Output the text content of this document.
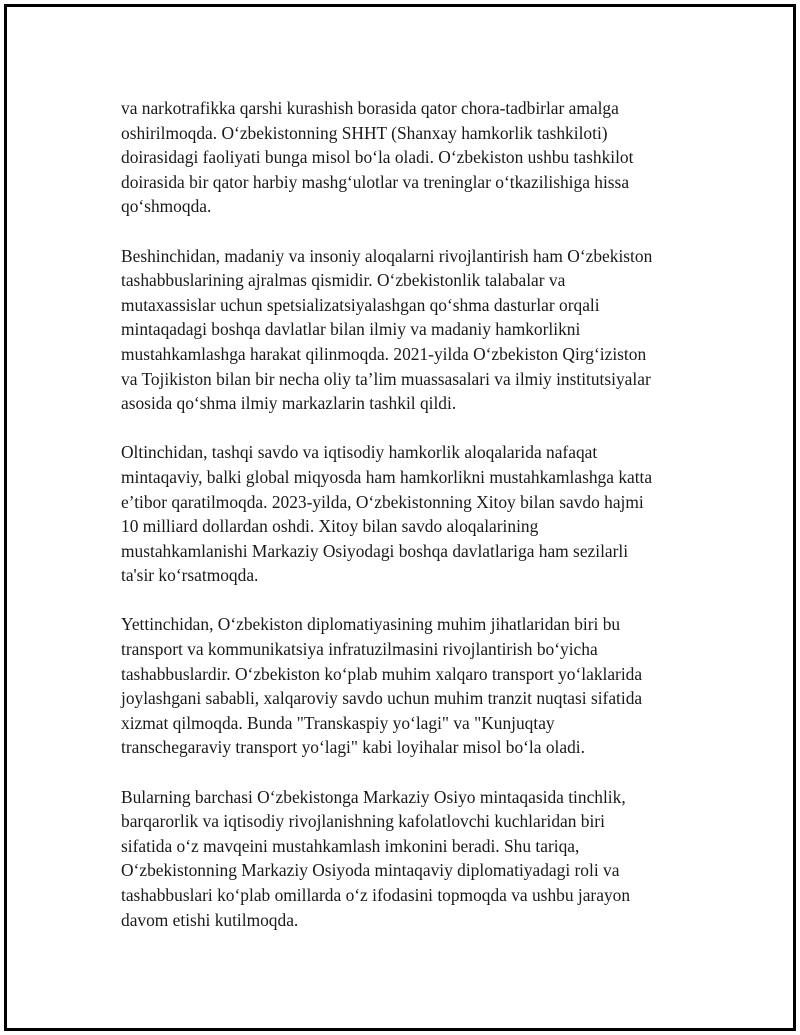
va narkotrafikka qarshi kurashish borasida qator chora-tadbirlar amalga
oshirilmoqda. O‘zbekistonning SHHT (Shanxay hamkorlik tashkiloti)
doirasidagi faoliyati bunga misol bo‘la oladi. O‘zbekiston ushbu tashkilot
doirasida bir qator harbiy mashg‘ulotlar va treninglar o‘tkazilishiga hissa
qo‘shmoqda.
Beshinchidan, madaniy va insoniy aloqalarni rivojlantirish ham O‘zbekiston
tashabbuslarining ajralmas qismidir. O‘zbekistonlik talabalar va
mutaxassislar uchun spetsializatsiyalashgan qo‘shma dasturlar orqali
mintaqadagi boshqa davlatlar bilan ilmiy va madaniy hamkorlikni
mustahkamlashga harakat qilinmoqda. 2021-yilda O‘zbekiston Qirg‘iziston
va Tojikiston bilan bir necha oliy ta’lim muassasalari va ilmiy institutsiyalar
asosida qo‘shma ilmiy markazlarin tashkil qildi.
Oltinchidan, tashqi savdo va iqtisodiy hamkorlik aloqalarida nafaqat
mintaqaviy, balki global miqyosda ham hamkorlikni mustahkamlashga katta
e’tibor qaratilmoqda. 2023-yilda, O‘zbekistonning Xitoy bilan savdo hajmi
10 milliard dollardan oshdi. Xitoy bilan savdo aloqalarining
mustahkamlanishi Markaziy Osiyodagi boshqa davlatlariga ham sezilarli
ta'sir ko‘rsatmoqda.
Yettinchidan, O‘zbekiston diplomatiyasining muhim jihatlaridan biri bu
transport va kommunikatsiya infratuzilmasini rivojlantirish bo‘yicha
tashabbuslardir. O‘zbekiston ko‘plab muhim xalqaro transport yo‘laklarida
joylashgani sababli, xalqaroviy savdo uchun muhim tranzit nuqtasi sifatida
xizmat qilmoqda. Bunda "Transkaspiy yo‘lagi" va "Kunjuqtay
transchegaraviy transport yo‘lagi" kabi loyihalar misol bo‘la oladi.
Bularning barchasi O‘zbekistonga Markaziy Osiyo mintaqasida tinchlik,
barqarorlik va iqtisodiy rivojlanishning kafolatlovchi kuchlaridan biri
sifatida o‘z mavqeini mustahkamlash imkonini beradi. Shu tariqa,
O‘zbekistonning Markaziy Osiyoda mintaqaviy diplomatiyadagi roli va
tashabbuslari ko‘plab omillarda o‘z ifodasini topmoqda va ushbu jarayon
davom etishi kutilmoqda.
